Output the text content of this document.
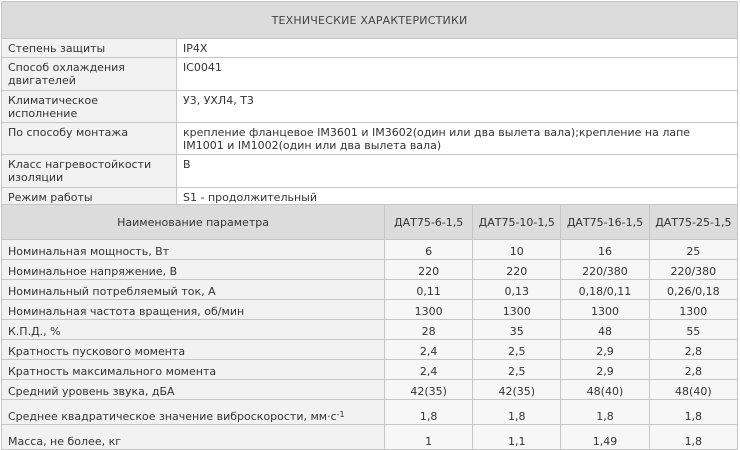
ТЕХНИЧЕСКИЕ ХАРАКТЕРИСТИКИ	
Степень защиты	IP4X
Способ охлаждения двигателей	IC0041
Климатическое исполнение	У3, УХЛ4, Т3
По способу монтажа	крепление фланцевое IM3601 и IM3602(один или два вылета вала);крепление на лапе IM1001 и IM1002(один или два вылета вала)
Класс нагревостойкости изоляции	B
Режим работы	S1 - продолжительный
Наименование параметра	ДАТ75-6-1,5	ДАТ75-10-1,5	ДАТ75-16-1,5	ДАТ75-25-1,5
Номинальная мощность, Вт	6	10	16	25
Номинальное напряжение, В	220	220	220/380	220/380
Номинальный потребляемый ток, А	0,11	0,13	0,18/0,11	0,26/0,18
Номинальная частота вращения, об/мин	1300	1300	1300	1300
К.П.Д., %	28	35	48	55
Кратность пускового момента	2,4	2,5	2,9	2,8
Кратность максимального момента	2,4	2,5	2,9	2,8
Средний уровень звука, дБА	42(35)	42(35)	48(40)	48(40)
Среднее квадратическое значение виброскорости, $мм\cdot с^{-1}$	1,8	1,8	1,8	1,8
Масса, не более, кг	1	1,1	1,49	1,8
